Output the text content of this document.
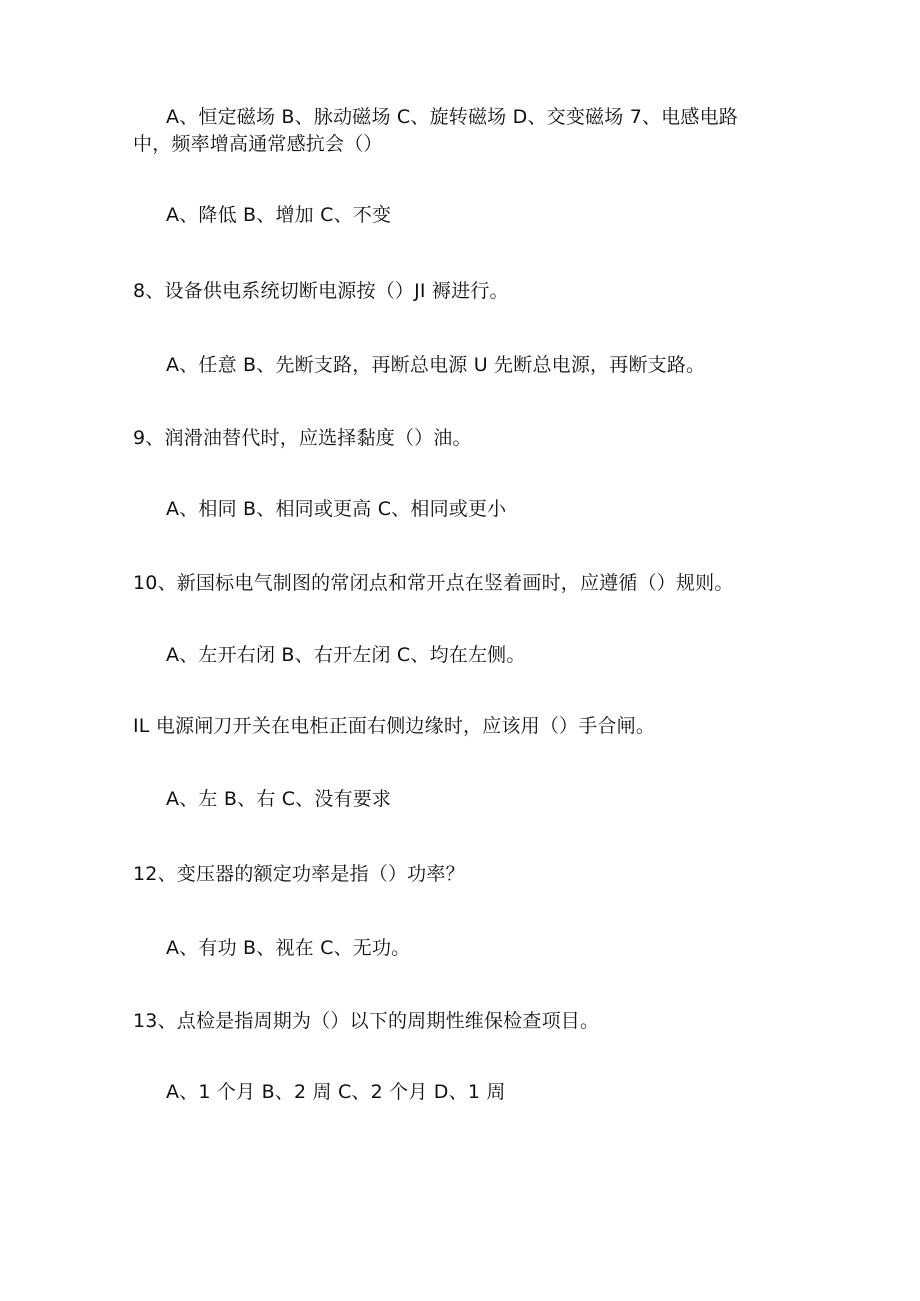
A、恒定磁场 B、脉动磁场 C、旋转磁场 D、交变磁场 7、电感电路
中，频率增高通常感抗会（）
A、降低 B、增加 C、不变
8、设备供电系统切断电源按（）JI 褥进行。
A、任意 B、先断支路，再断总电源 U 先断总电源，再断支路。
9、润滑油替代时，应选择黏度（）油。
A、相同 B、相同或更高 C、相同或更小
10、新国标电气制图的常闭点和常开点在竖着画时，应遵循（）规则。
A、左开右闭 B、右开左闭 C、均在左侧。
IL 电源闸刀开关在电柜正面右侧边缘时，应该用（）手合闸。
A、左 B、右 C、没有要求
12、变压器的额定功率是指（）功率？
A、有功 B、视在 C、无功。
13、点检是指周期为（）以下的周期性维保检查项目。
A、1 个月 B、2 周 C、2 个月 D、1 周
